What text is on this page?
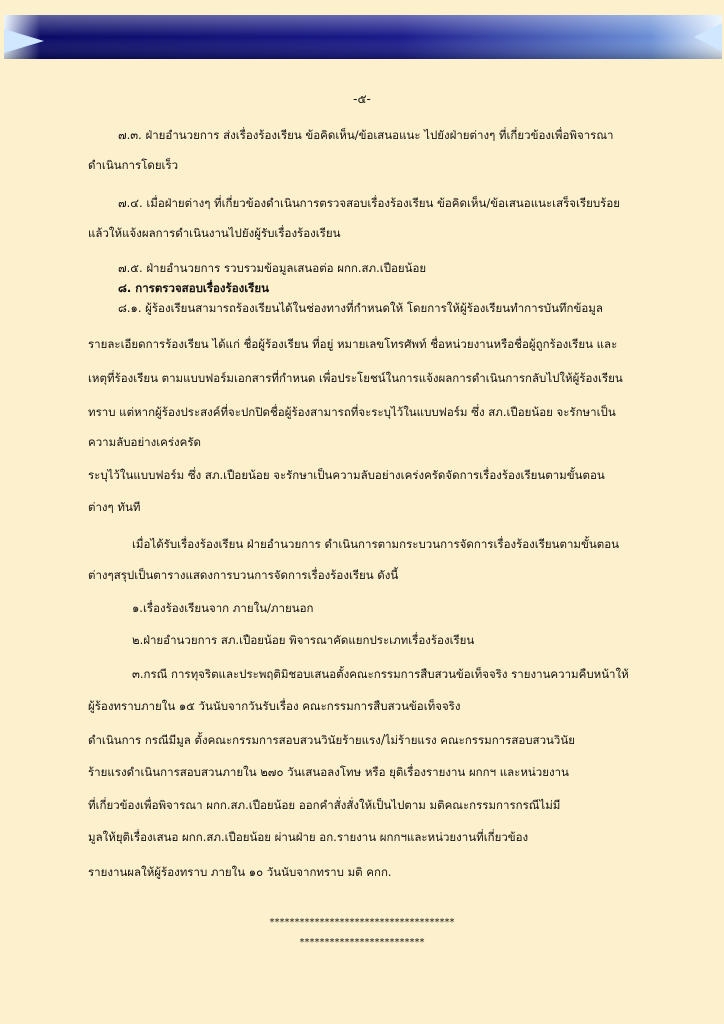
-๕-
๗.๓. ฝ่ายอำนวยการ ส่งเรื่องร้องเรียน ข้อคิดเห็น/ข้อเสนอแนะ ไปยังฝ่ายต่างๆ ที่เกี่ยวข้องเพื่อพิจารณา
ดำเนินการโดยเร็ว
๗.๔. เมื่อฝ่ายต่างๆ ที่เกี่ยวข้องดำเนินการตรวจสอบเรื่องร้องเรียน ข้อคิดเห็น/ข้อเสนอแนะเสร็จเรียบร้อย
แล้วให้แจ้งผลการดำเนินงานไปยังผู้รับเรื่องร้องเรียน
๗.๕. ฝ่ายอำนวยการ รวบรวมข้อมูลเสนอต่อ ผกก.สภ.เปือยน้อย
๘. การตรวจสอบเรื่องร้องเรียน
๘.๑. ผู้ร้องเรียนสามารถร้องเรียนได้ในช่องทางที่กำหนดให้ โดยการให้ผู้ร้องเรียนทำการบันทึกข้อมูล
รายละเอียดการร้องเรียน ได้แก่ ชื่อผู้ร้องเรียน ที่อยู่ หมายเลขโทรศัพท์ ชื่อหน่วยงานหรือชื่อผู้ถูกร้องเรียน และ
เหตุที่ร้องเรียน ตามแบบฟอร์มเอกสารที่กำหนด เพื่อประโยชน์ในการแจ้งผลการดำเนินการกลับไปให้ผู้ร้องเรียน
ทราบ แต่หากผู้ร้องประสงค์ที่จะปกปิดชื่อผู้ร้องสามารถที่จะระบุไว้ในแบบฟอร์ม ซึ่ง สภ.เปือยน้อย จะรักษาเป็น
ความลับอย่างเคร่งครัด
ระบุไว้ในแบบฟอร์ม ซึ่ง สภ.เปือยน้อย จะรักษาเป็นความลับอย่างเคร่งครัดจัดการเรื่องร้องเรียนตามขั้นตอน
ต่างๆ ทันที
เมื่อได้รับเรื่องร้องเรียน ฝ่ายอำนวยการ ดำเนินการตามกระบวนการจัดการเรื่องร้องเรียนตามขั้นตอน
ต่างๆสรุปเป็นตารางแสดงการบวนการจัดการเรื่องร้องเรียน ดังนี้
๑.เรื่องร้องเรียนจาก ภายใน/ภายนอก
๒.ฝ่ายอำนวยการ สภ.เปือยน้อย พิจารณาคัดแยกประเภทเรื่องร้องเรียน
๓.กรณี การทุจริตและประพฤติมิชอบเสนอตั้งคณะกรรมการสืบสวนข้อเท็จจริง รายงานความคืบหน้าให้
ผู้ร้องทราบภายใน ๑๕ วันนับจากวันรับเรื่อง คณะกรรมการสืบสวนข้อเท็จจริง
ดำเนินการ กรณีมีมูล ตั้งคณะกรรมการสอบสวนวินัยร้ายแรง/ไม่ร้ายแรง คณะกรรมการสอบสวนวินัย
ร้ายแรงดำเนินการสอบสวนภายใน ๒๗๐ วันเสนอลงโทษ หรือ ยุติเรื่องรายงาน ผกกฯ และหน่วยงาน
ที่เกี่ยวข้องเพื่อพิจารณา ผกก.สภ.เปือยน้อย ออกคำสั่งสั่งให้เป็นไปตาม มติคณะกรรมการกรณีไม่มี
มูลให้ยุติเรื่องเสนอ ผกก.สภ.เปือยน้อย ผ่านฝ่าย อก.รายงาน ผกกฯและหน่วยงานที่เกี่ยวข้อง
รายงานผลให้ผู้ร้องทราบ ภายใน ๑๐ วันนับจากทราบ มติ คกก.
*************************************
*************************
